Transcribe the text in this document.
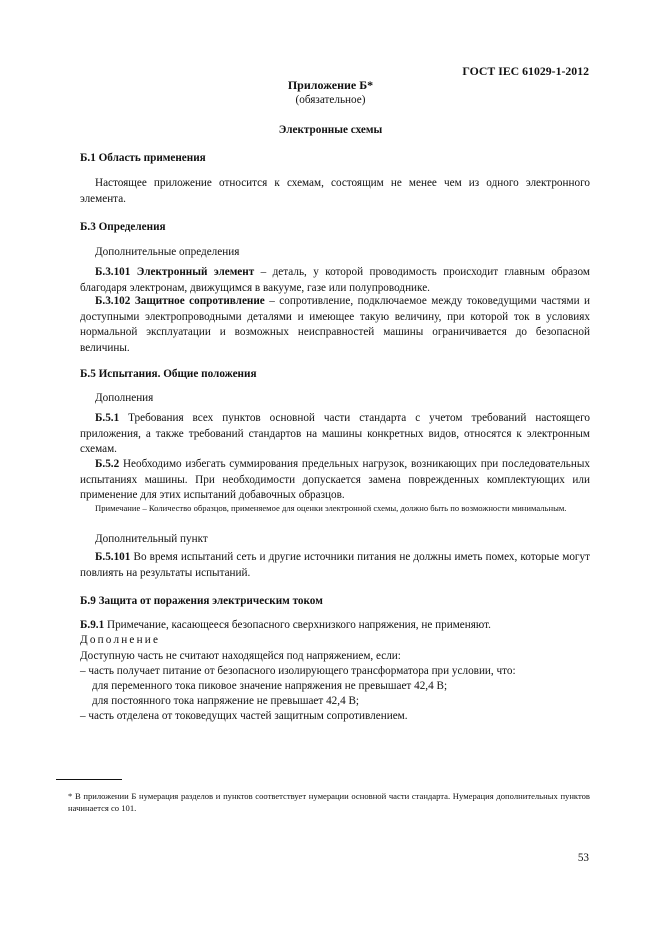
ГОСТ IEC 61029-1-2012
Приложение Б*
(обязательное)
Электронные схемы
Б.1 Область применения

Настоящее приложение относится к схемам, состоящим не менее чем из одного электронного элемента.

Б.3 Определения
Дополнительные определения

Б.3.101 Электронный элемент – деталь, у которой проводимость происходит главным образом благодаря электронам, движущимся в вакууме, газе или полупроводнике.

Б.3.102 Защитное сопротивление – сопротивление, подключаемое между токоведущими частями и доступными электропроводными деталями и имеющее такую величину, при которой ток в условиях нормальной эксплуатации и возможных неисправностей машины ограничивается до безопасной величины.

Б.5 Испытания. Общие положения
Дополнения

Б.5.1 Требования всех пунктов основной части стандарта с учетом требований настоящего приложения, а также требований стандартов на машины конкретных видов, относятся к электронным схемам.

Б.5.2 Необходимо избегать суммирования предельных нагрузок, возникающих при последовательных испытаниях машины. При необходимости допускается замена поврежденных комплектующих или применение для этих испытаний добавочных образцов.

Примечание – Количество образцов, применяемое для оценки электронной схемы, должно быть по возможности минимальным.

Дополнительный пункт

Б.5.101 Во время испытаний сеть и другие источники питания не должны иметь помех, которые могут повлиять на результаты испытаний.

Б.9 Защита от поражения электрическим током

Б.9.1 Примечание, касающееся безопасного сверхнизкого напряжения, не применяют.

Дополнение
Доступную часть не считают находящейся под напряжением, если:
– часть получает питание от безопасного изолирующего трансформатора при условии, что:
для переменного тока пиковое значение напряжения не превышает 42,4 В;
для постоянного тока напряжение не превышает 42,4 В;
– часть отделена от токоведущих частей защитным сопротивлением.

* В приложении Б нумерация разделов и пунктов соответствует нумерации основной части стандарта. Нумерация дополнительных пунктов начинается со 101.

53
